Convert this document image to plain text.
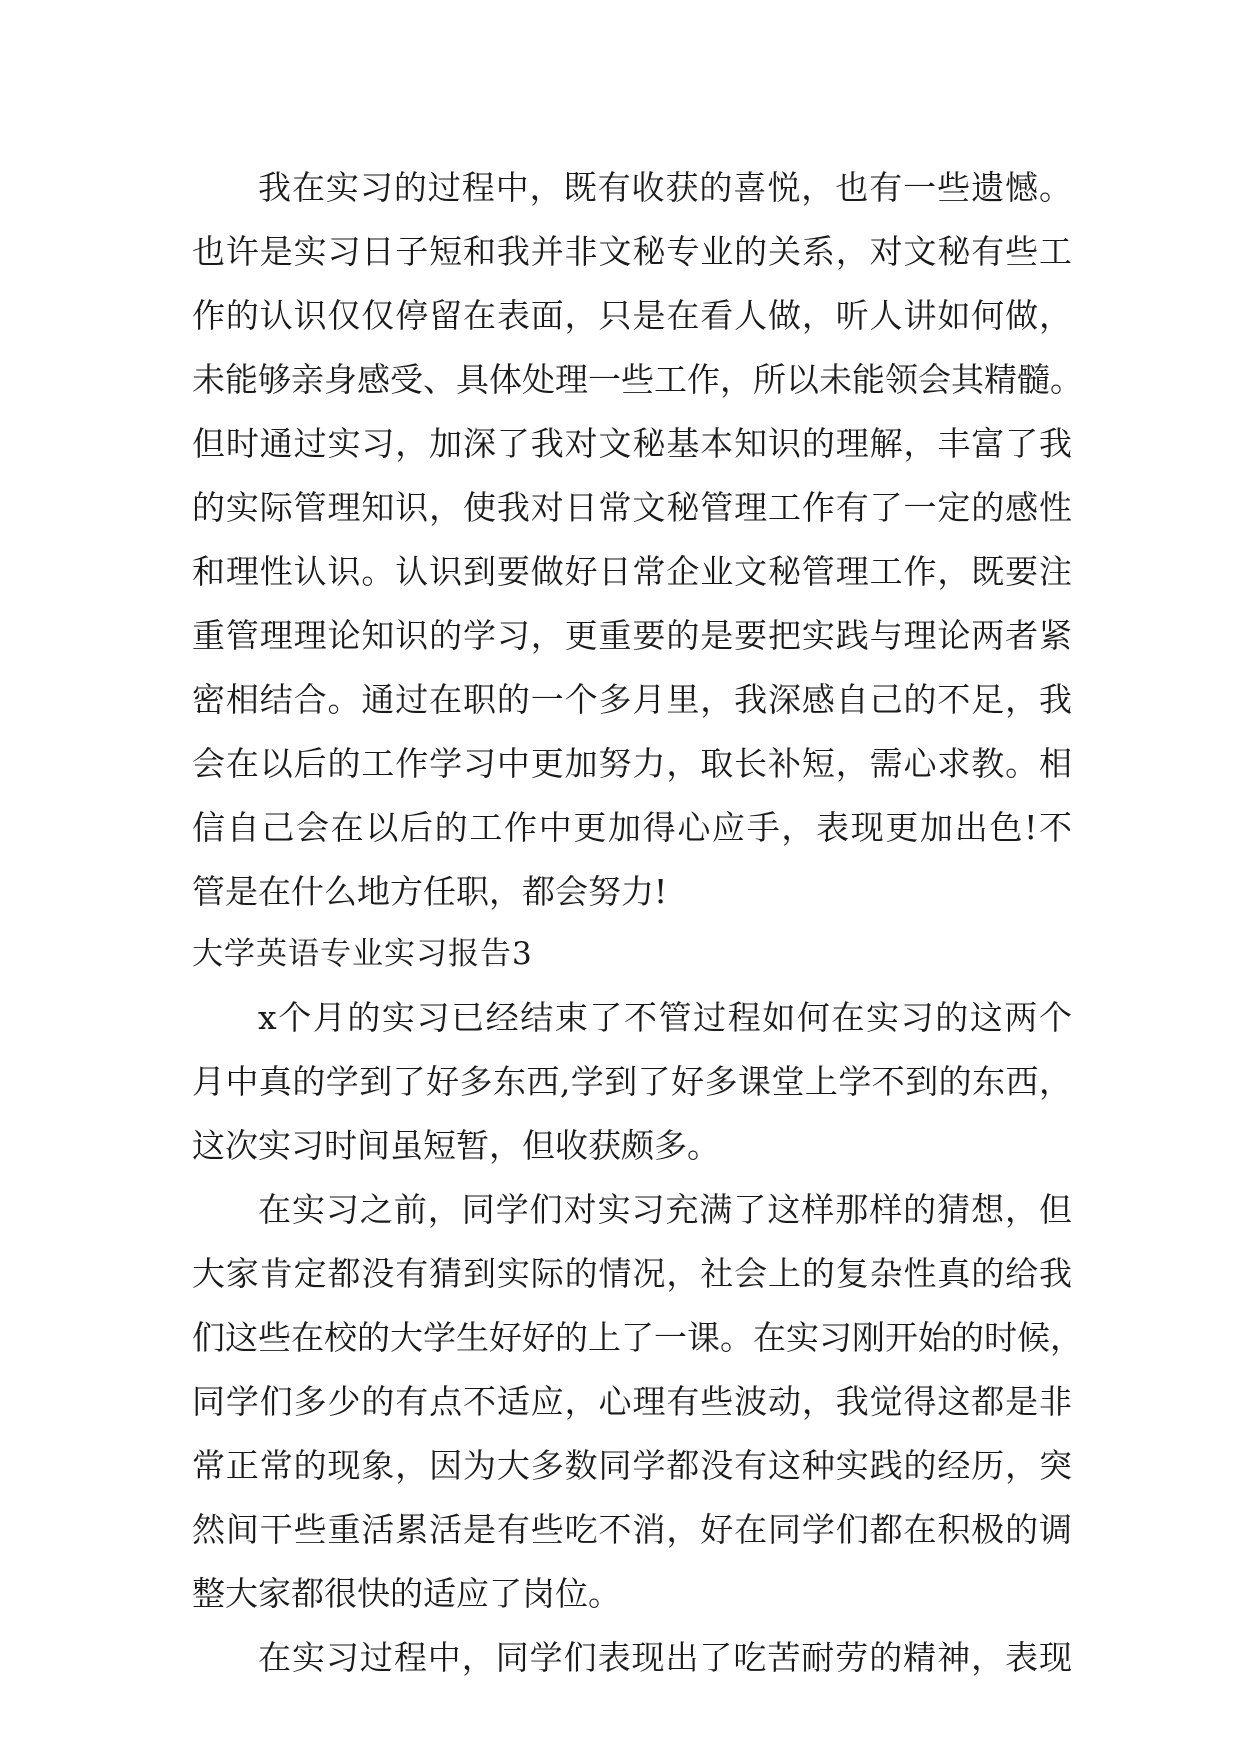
我在实习的过程中，既有收获的喜悦，也有一些遗憾。
也许是实习日子短和我并非文秘专业的关系，对文秘有些工
作的认识仅仅停留在表面，只是在看人做，听人讲如何做，
未能够亲身感受、具体处理一些工作，所以未能领会其精髓。
但时通过实习，加深了我对文秘基本知识的理解，丰富了我
的实际管理知识，使我对日常文秘管理工作有了一定的感性
和理性认识。认识到要做好日常企业文秘管理工作，既要注
重管理理论知识的学习，更重要的是要把实践与理论两者紧
密相结合。通过在职的一个多月里，我深感自己的不足，我
会在以后的工作学习中更加努力，取长补短，需心求教。相
信自己会在以后的工作中更加得心应手，表现更加出色!不
管是在什么地方任职，都会努力!
大学英语专业实习报告3
x个月的实习已经结束了不管过程如何在实习的这两个
月中真的学到了好多东西,学到了好多课堂上学不到的东西，
这次实习时间虽短暂，但收获颇多。
在实习之前，同学们对实习充满了这样那样的猜想，但
大家肯定都没有猜到实际的情况，社会上的复杂性真的给我
们这些在校的大学生好好的上了一课。在实习刚开始的时候，
同学们多少的有点不适应，心理有些波动，我觉得这都是非
常正常的现象，因为大多数同学都没有这种实践的经历，突
然间干些重活累活是有些吃不消，好在同学们都在积极的调
整大家都很快的适应了岗位。
在实习过程中，同学们表现出了吃苦耐劳的精神，表现
